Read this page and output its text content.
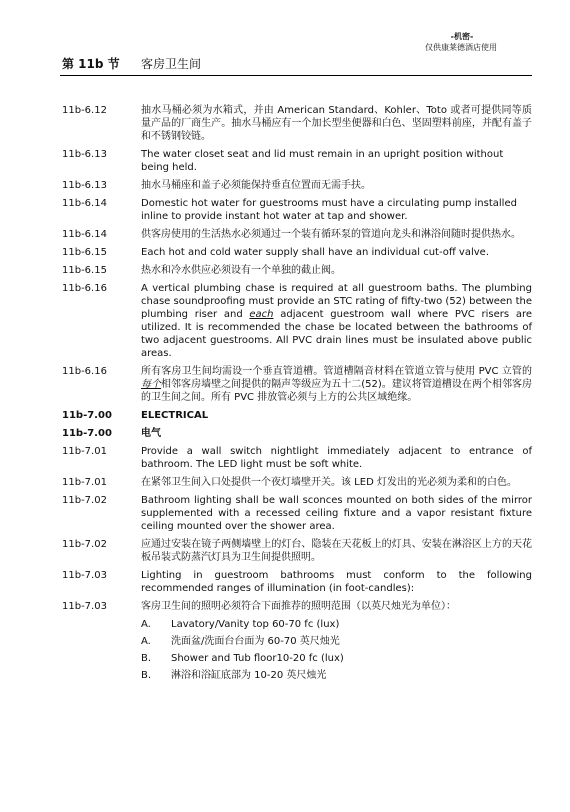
-机密-
仅供康莱德酒店使用
第 11b 节 客房卫生间
11b-6.12	抽水马桶必须为水箱式，并由 American Standard、Kohler、Toto 或者可提供同等质量产品的厂商生产。抽水马桶应有一个加长型坐便器和白色、坚固塑料前座，并配有盖子和不锈钢铰链。
11b-6.13	The water closet seat and lid must remain in an upright position without being held.
11b-6.13	抽水马桶座和盖子必须能保持垂直位置而无需手扶。
11b-6.14	Domestic hot water for guestrooms must have a circulating pump installed inline to provide instant hot water at tap and shower.
11b-6.14	供客房使用的生活热水必须通过一个装有循环泵的管道向龙头和淋浴间随时提供热水。
11b-6.15	Each hot and cold water supply shall have an individual cut-off valve.
11b-6.15	热水和冷水供应必须设有一个单独的截止阀。
11b-6.16	A vertical plumbing chase is required at all guestroom baths. The plumbing chase soundproofing must provide an STC rating of fifty-two (52) between the plumbing riser and each adjacent guestroom wall where PVC risers are utilized. It is recommended the chase be located between the bathrooms of two adjacent guestrooms. All PVC drain lines must be insulated above public areas.
11b-6.16	所有客房卫生间均需设一个垂直管道槽。管道槽隔音材料在管道立管与使用 PVC 立管的每个相邻客房墙壁之间提供的隔声等级应为五十二(52)。建议将管道槽设在两个相邻客房的卫生间之间。所有 PVC 排放管必须与上方的公共区域绝缘。
11b-7.00	ELECTRICAL
11b-7.00	电气
11b-7.01	Provide a wall switch nightlight immediately adjacent to entrance of bathroom. The LED light must be soft white.
11b-7.01	在紧邻卫生间入口处提供一个夜灯墙壁开关。该 LED 灯发出的光必须为柔和的白色。
11b-7.02	Bathroom lighting shall be wall sconces mounted on both sides of the mirror supplemented with a recessed ceiling fixture and a vapor resistant fixture ceiling mounted over the shower area.
11b-7.02	应通过安装在镜子两侧墙壁上的灯台、隐装在天花板上的灯具、安装在淋浴区上方的天花板吊装式防蒸汽灯具为卫生间提供照明。
11b-7.03	Lighting in guestroom bathrooms must conform to the following recommended ranges of illumination (in foot-candles):
11b-7.03	客房卫生间的照明必须符合下面推荐的照明范围（以英尺烛光为单位）：
A.	Lavatory/Vanity top 60-70 fc (lux)
A.	洗面盆/洗面台台面为 60-70 英尺烛光
B.	Shower and Tub floor10-20 fc (lux)
B.	淋浴和浴缸底部为 10-20 英尺烛光
